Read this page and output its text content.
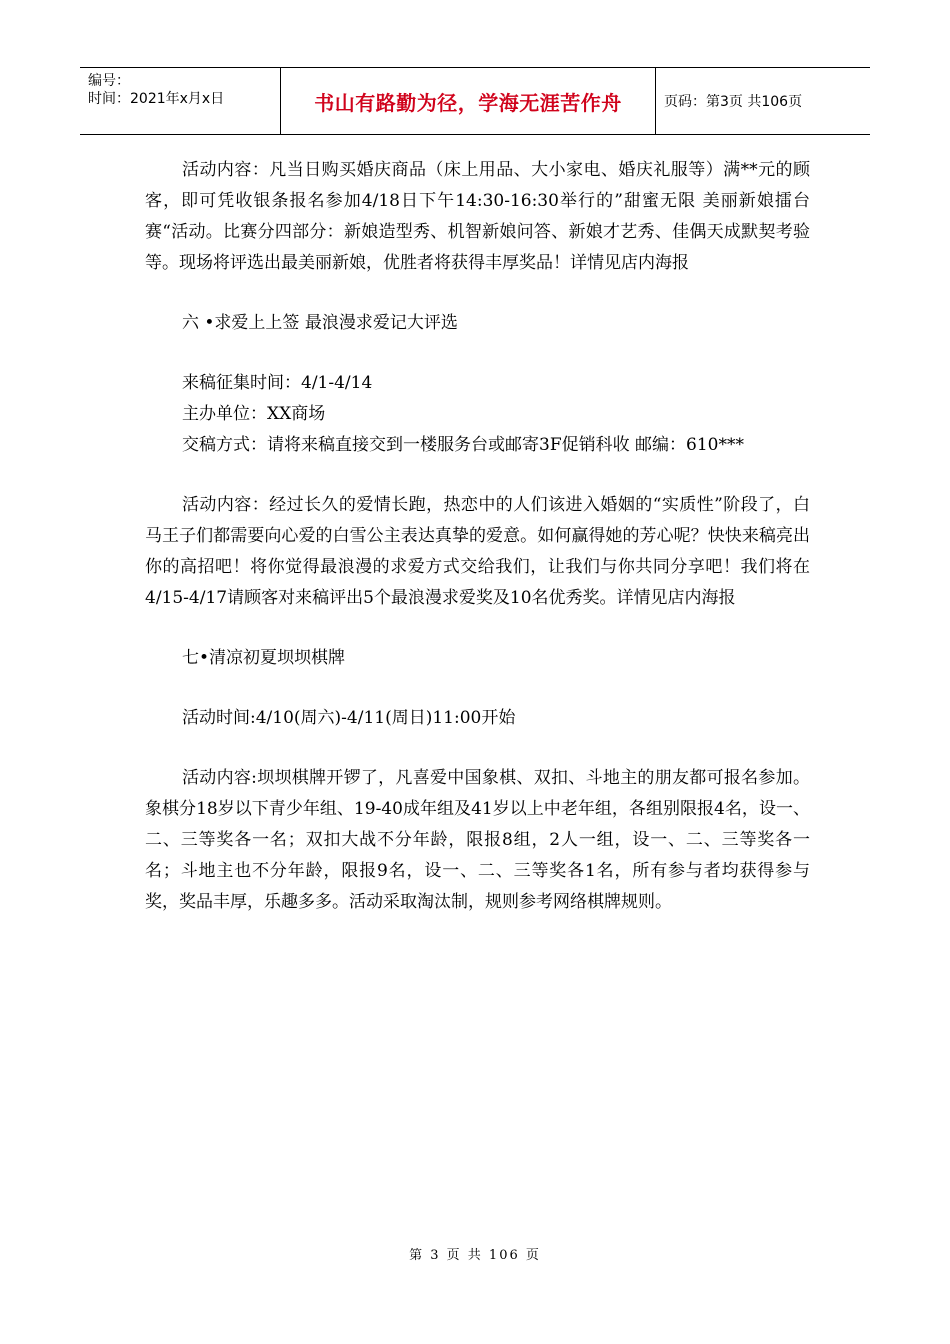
编号：
时间：2021年x月x日	书山有路勤为径，学海无涯苦作舟	页码：第3页 共106页

活动内容：凡当日购买婚庆商品（床上用品、大小家电、婚庆礼服等）满**元的顾客，即可凭收银条报名参加4/18日下午14:30-16:30举行的”甜蜜无限 美丽新娘擂台赛“活动。比赛分四部分：新娘造型秀、机智新娘问答、新娘才艺秀、佳偶天成默契考验等。现场将评选出最美丽新娘，优胜者将获得丰厚奖品！详情见店内海报

六 •求爱上上签 最浪漫求爱记大评选

来稿征集时间：4/1-4/14

主办单位：XX商场

交稿方式：请将来稿直接交到一楼服务台或邮寄3F促销科收 邮编：610***

活动内容：经过长久的爱情长跑，热恋中的人们该进入婚姻的“实质性”阶段了，白马王子们都需要向心爱的白雪公主表达真挚的爱意。如何赢得她的芳心呢？快快来稿亮出你的高招吧！将你觉得最浪漫的求爱方式交给我们，让我们与你共同分享吧！我们将在4/15-4/17请顾客对来稿评出5个最浪漫求爱奖及10名优秀奖。详情见店内海报

七•清凉初夏坝坝棋牌

活动时间:4/10(周六)-4/11(周日)11:00开始

活动内容:坝坝棋牌开锣了，凡喜爱中国象棋、双扣、斗地主的朋友都可报名参加。象棋分18岁以下青少年组、19-40成年组及41岁以上中老年组，各组别限报4名，设一、二、三等奖各一名；双扣大战不分年龄，限报8组，2人一组，设一、二、三等奖各一名；斗地主也不分年龄，限报9名，设一、二、三等奖各1名，所有参与者均获得参与奖，奖品丰厚，乐趣多多。活动采取淘汰制，规则参考网络棋牌规则。

第 3 页 共 106 页
